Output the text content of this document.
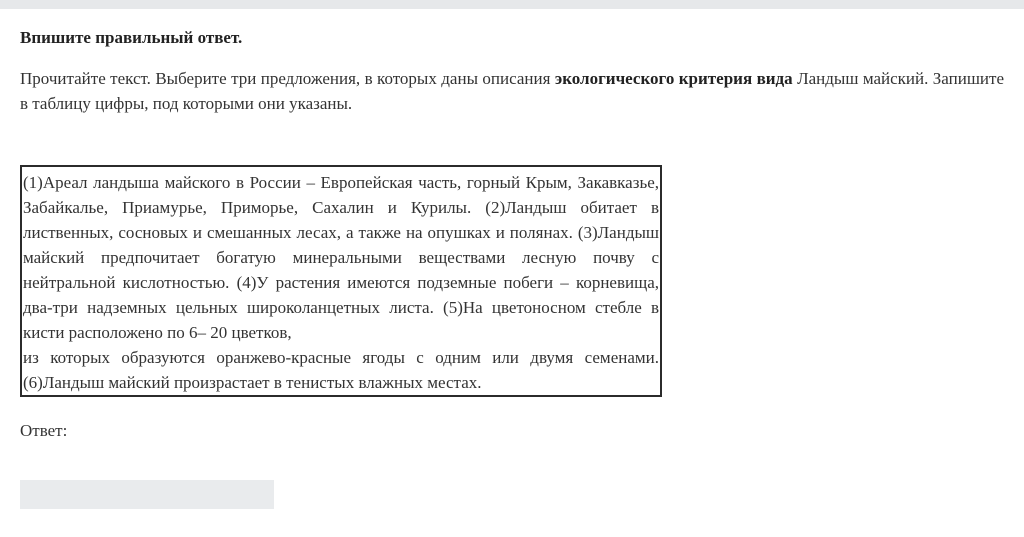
Впишите правильный ответ.
Прочитайте текст. Выберите три предложения, в которых даны описания экологического критерия вида Ландыш майский. Запишите в таблицу цифры, под которыми они указаны.

(1)Ареал ландыша майского в России – Европейская часть, горный Крым, Закавказье, Забайкалье, Приамурье, Приморье, Сахалин и Курилы. (2)Ландыш обитает в лиственных, сосновых и смешанных лесах, а также на опушках и полянах. (3)Ландыш майский предпочитает богатую минеральными веществами лесную почву с нейтральной кислотностью. (4)У растения имеются подземные побеги – корневища, два-три надземных цельных широколанцетных листа. (5)На цветоносном стебле в кисти расположено по 6– 20 цветков,

из которых образуются оранжево-красные ягоды с одним или двумя семенами. (6)Ландыш майский произрастает в тенистых влажных местах.

Ответ:
